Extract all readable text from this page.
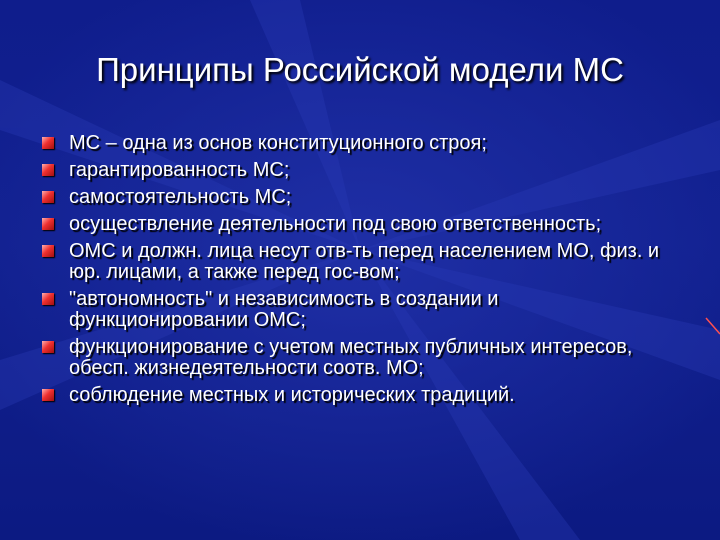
Принципы Российской модели МС
МС – одна из основ конституционного строя;
гарантированность МС;
самостоятельность МС;
осуществление деятельности под свою ответственность;
ОМС и должн. лица несут отв-ть перед населением МО, физ. и юр. лицами, а также перед гос-вом;
"автономность" и независимость в создании и функционировании ОМС;
функционирование с учетом местных публичных интересов, обесп. жизнедеятельности соотв. МО;
соблюдение местных и исторических традиций.
